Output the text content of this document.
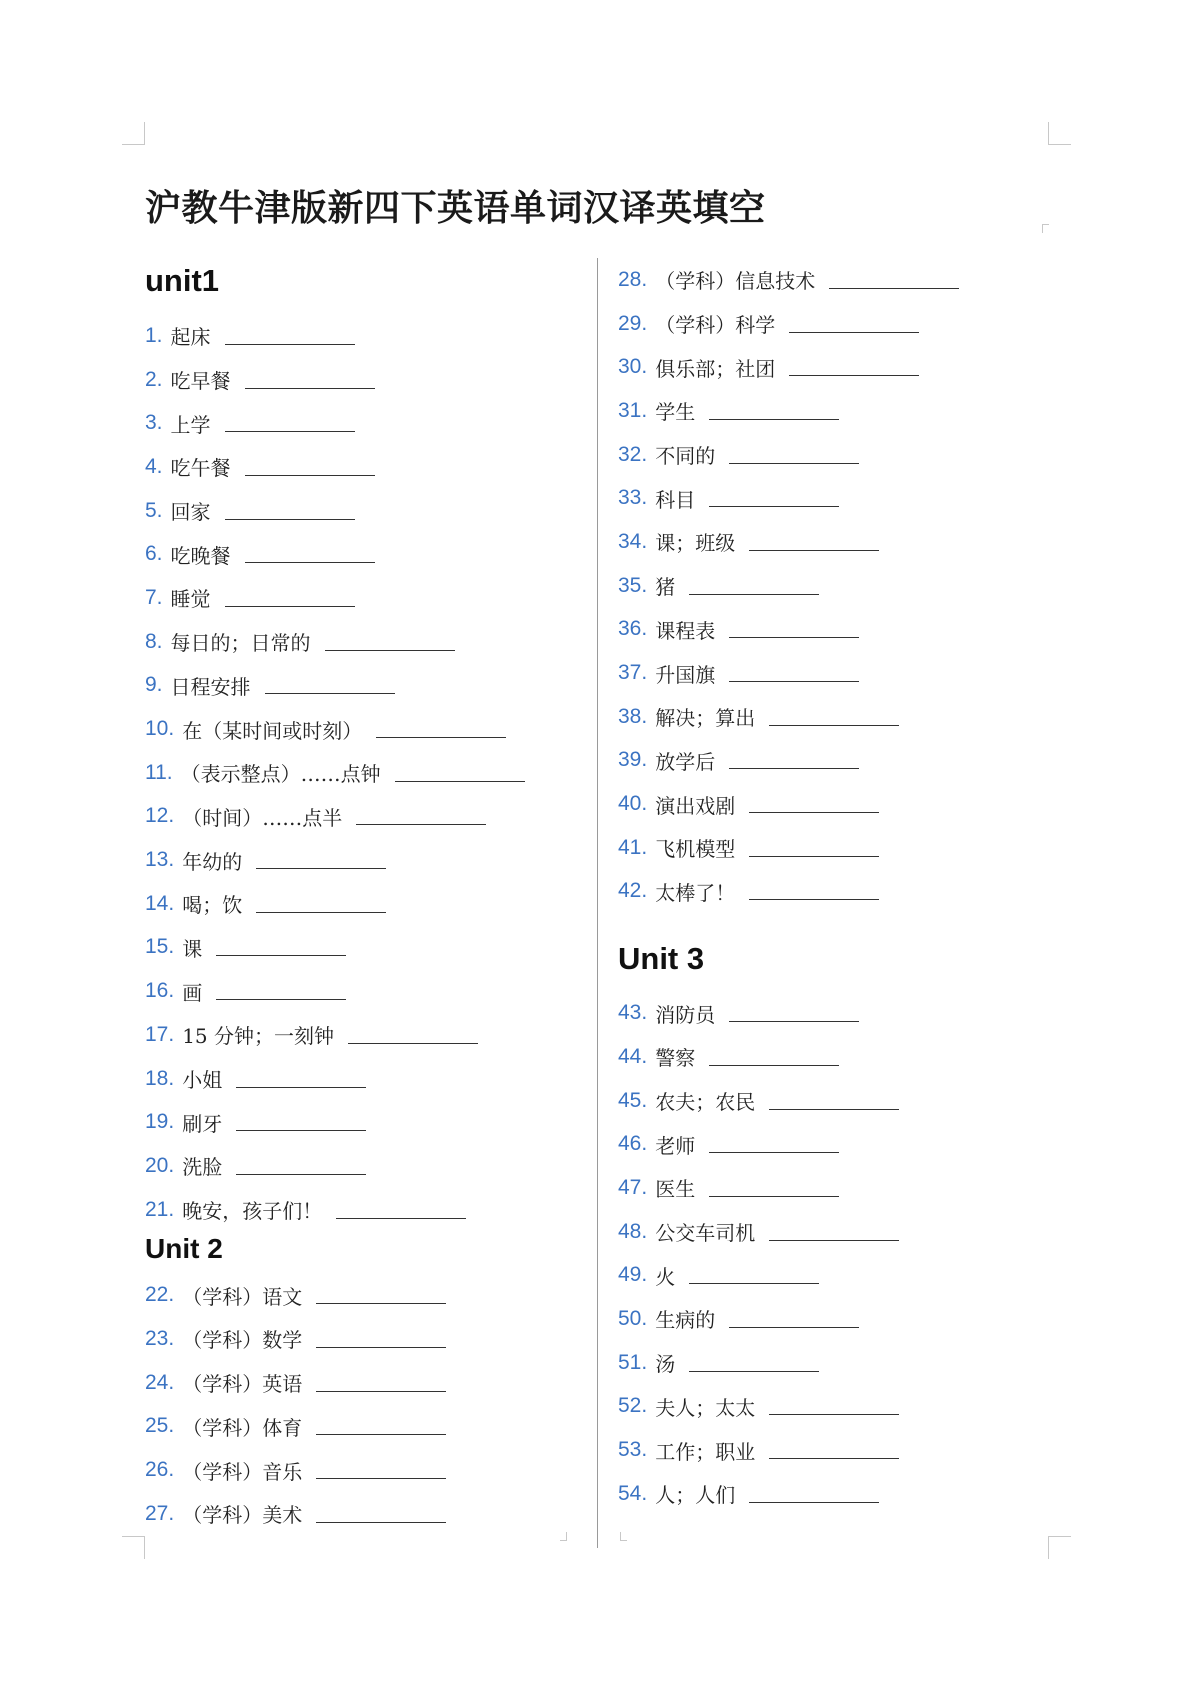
沪教牛津版新四下英语单词汉译英填空
unit1
1. 起床
2. 吃早餐
3. 上学
4. 吃午餐
5. 回家
6. 吃晚餐
7. 睡觉
8. 每日的；日常的
9. 日程安排
10. 在（某时间或时刻）
11. （表示整点）……点钟
12. （时间）……点半
13. 年幼的
14. 喝；饮
15. 课
16. 画
17. 15 分钟；一刻钟
18. 小姐
19. 刷牙
20. 洗脸
21. 晚安，孩子们！
Unit 2
22. （学科）语文
23. （学科）数学
24. （学科）英语
25. （学科）体育
26. （学科）音乐
27. （学科）美术
28. （学科）信息技术
29. （学科）科学
30. 俱乐部；社团
31. 学生
32. 不同的
33. 科目
34. 课；班级
35. 猪
36. 课程表
37. 升国旗
38. 解决；算出
39. 放学后
40. 演出戏剧
41. 飞机模型
42. 太棒了！
Unit 3
43. 消防员
44. 警察
45. 农夫；农民
46. 老师
47. 医生
48. 公交车司机
49. 火
50. 生病的
51. 汤
52. 夫人；太太
53. 工作；职业
54. 人；人们
